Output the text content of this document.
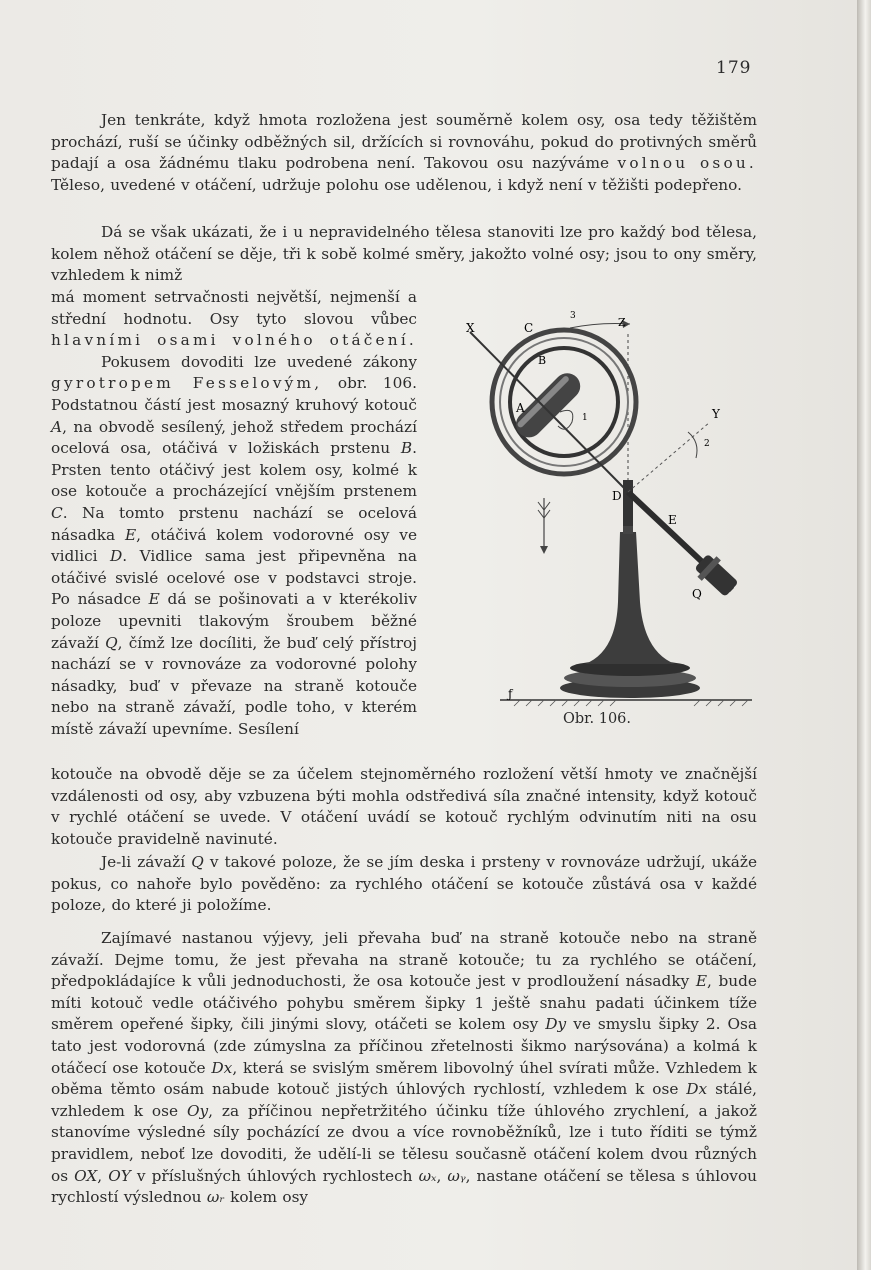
179
Jen tenkráte, když hmota rozložena jest souměrně kolem osy, osa tedy těžištěm prochází, ruší se účinky odběžných sil, držících si rovnováhu, pokud do protivných směrů padají a osa žádnému tlaku podrobena není. Takovou osu nazýváme volnou osou. Těleso, uvedené v otáčení, udržuje polohu ose udělenou, i když není v těžišti podepřeno.
Dá se však ukázati, že i u nepravidelného tělesa stanoviti lze pro každý bod tělesa, kolem něhož otáčení se děje, tři k sobě kolmé směry, jakožto volné osy; jsou to ony směry, vzhledem k nimž
má moment setrvačnosti největší, nejmenší a střední hodnotu. Osy tyto slovou vůbec hlavními osami volného otáčení. Pokusem dovoditi lze uvedené zákony gyrotropem Fesselovým, obr. 106. Podstatnou částí jest mosazný kruhový kotouč A, na obvodě sesílený, jehož středem prochází ocelová osa, otáčivá v ložiskách prstenu B. Prsten tento otáčivý jest kolem osy, kolmé k ose kotouče a procházející vnějším prstenem C. Na tomto prstenu nachází se ocelová násadka E, otáčivá kolem vodorovné osy ve vidlici D. Vidlice sama jest připevněna na otáčivé svislé ocelové ose v podstavci stroje. Po násadce E dá se pošinovati a v kterékoliv poloze upevniti tlakovým šroubem běžné závaží Q, čímž lze docíliti, že buď celý přístroj nachází se v rovnováze za vodorovné polohy násadky, buď v převaze na straně kotouče nebo na straně závaží, podle toho, v kterém místě závaží upevníme. Sesílení
kotouče na obvodě děje se za účelem stejnoměrného rozložení větší hmoty ve značnější vzdálenosti od osy, aby vzbuzena býti mohla odstředivá síla značné intensity, když kotouč v rychlé otáčení se uvede. V otáčení uvádí se kotouč rychlým odvinutím niti na osu kotouče pravidelně navinuté.
Je-li závaží Q v takové poloze, že se jím deska i prsteny v rovnováze udržují, ukáže pokus, co nahoře bylo pověděno: za rychlého otáčení se kotouče zůstává osa v každé poloze, do které ji položíme.
Zajímavé nastanou výjevy, jeli převaha buď na straně kotouče nebo na straně závaží. Dejme tomu, že jest převaha na straně kotouče; tu za rychlého se otáčení, předpokládajíce k vůli jednoduchosti, že osa kotouče jest v prodloužení násadky E, bude míti kotouč vedle otáčivého pohybu směrem šipky 1 ještě snahu padati účinkem tíže směrem opeřené šipky, čili jinými slovy, otáčeti se kolem osy Dy ve smyslu šipky 2. Osa tato jest vodorovná (zde zúmyslna za příčinou zřetelnosti šikmo narýsována) a kolmá k otáčecí ose kotouče Dx, která se svislým směrem libovolný úhel svírati může. Vzhledem k oběma těmto osám nabude kotouč jistých úhlových rychlostí, vzhledem k ose Dx stálé, vzhledem k ose Oy, za příčinou nepřetržitého účinku tíže úhlového zrychlení, a jakož stanovíme výsledné síly pocházící ze dvou a více rovnoběžníků, lze i tuto říditi se týmž pravidlem, neboť lze dovoditi, že udělí-li se tělesu současně otáčení kolem dvou různých os OX, OY v příslušných úhlových rychlostech ωₓ, ωᵧ, nastane otáčení se tělesa s úhlovou rychlostí výslednou ωᵣ kolem osy
X	C	Z
3
B
A
1	Y
2
D
E
Q
ƒ
Obr. 106.
